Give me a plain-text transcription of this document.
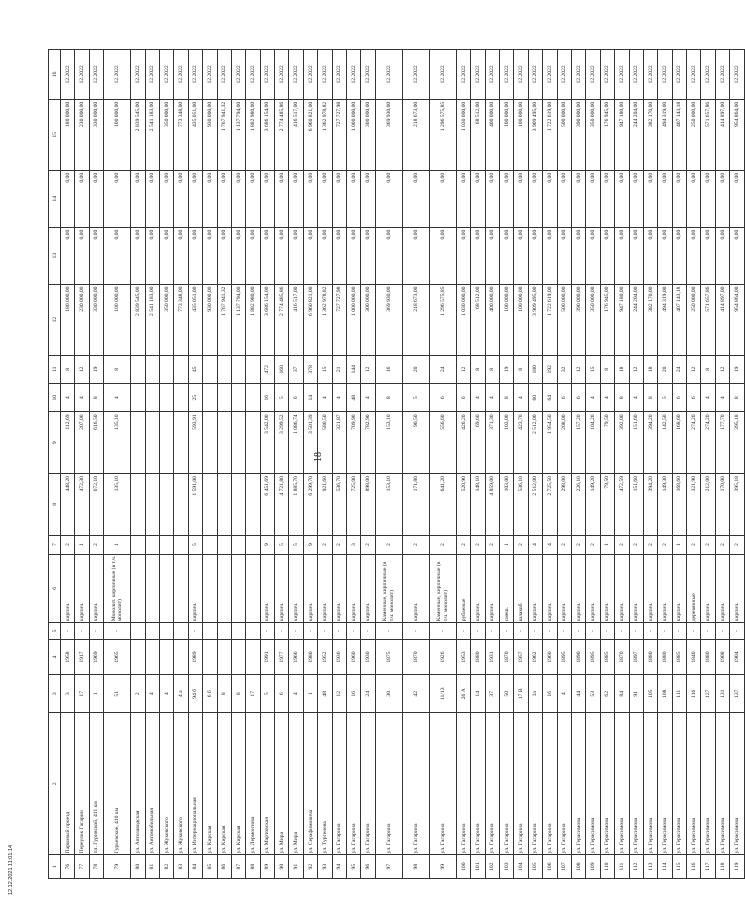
18
12.12.2021 11:01:14	1	2	3	4	5	6	7	8	9	10	11	12	13	14	15	16
76	Парковый проезд	3	1958	-	кирпич.	2	448,20	112,69	4	8	180 000,00	0,00	0,00	180 000,00	12.2022
77	Переулок Гагарин	17	1917	-	кирпич.	1	472,30	207,00	4	12	230 000,00	0,00	0,00	230 000,00	12.2022
78	пл. Гуривской, 411 км	1	1969	-	кирпич.	2	672,10	616,50	8	19	330 000,00	0,00	0,00	330 000,00	12.2022
79	Гурьевское, 410 км	51	1965	-	Монолит. кирпичные (в т.ч. монолит)	1	135,10	135,10	4	8	100 000,00	0,00	0,00	100 000,00	12.2022
80	ул. Автозаводская	2									2 839 545,00	0,00	0,00	2 839 545,00	12.2022
81	ул. Автомобильная	4									2 541 183,00	0,00	0,00	2 541 183,00	12.2022
82	ул. Жуковского	4									350 000,00	0,00	0,00	350 000,00	12.2022
83	ул. Жуковского	4 а									773 348,00	0,00	0,00	773 348,00	12.2022
84	ул. Интернациональная	94 б	1989	-	кирпич.	5	1 591,00	593,91	25	45	435 051,00	0,00	0,00	435 051,00	12.2022
85	ул. Кирская	6 б									930 000,00	0,00	0,00	930 000,00	12.2022
86	ул. Кирская	8									1 767 941,32	0,00	0,00	1 767 941,32	12.2022
87	ул. Кирская	8									1 137 794,00	0,00	0,00	1 137 794,00	12.2022
88	ул. Лермонтова	17									1 882 980,00	0,00	0,00	1 882 980,00	12.2022
89	ул. Мартовская	5	1991	-	кирпич.	9	6 451,69	3 542,00	16	472	3 686 154,00	0,00	0,00	3 686 154,00	12.2022
90	ул. Мира	6	1977	-	кирпич.	5	4 721,80	3 299,52	5	160	2 774 485,86	0,00	0,00	2 774 485,86	12.2022
91	ул. Мира	4	1966	-	кирпич.	5	1 885,70	1 086,74	6	37	416 517,00	0,00	0,00	416 517,00	12.2022
92	ул. Серафимовича	1	1980	-	кирпич.	9	6 299,70	3 501,39	14	378	6 960 821,00	0,00	0,00	6 960 821,00	12.2022
93	ул. Тургенева	48	1952	-	кирпич.	2	921,60	580,50	4	15	1 362 978,82	0,00	0,00	1 362 978,82	12.2022
94	ул. Гагарина	12	1936	-	кирпич.	2	536,70	321,87	4	21	727 727,98	0,00	0,00	727 727,98	12.2022
95	ул. Гагарина	16	1960	-	кирпич.	3	725,00	709,90	48	144	1 000 000,00	0,00	0,00	1 000 000,00	12.2022
96	ул. Гагарина	24	1930	-	кирпич.	2	898,00	782,90	4	12	300 000,00	0,00	0,00	300 000,00	12.2022
97	ул. Гагарина	30	1875	-	Каменные, кирпичные (в т.ч. монолит)	2	153,10	153,10	8	16	369 930,00	0,00	0,00	369 930,00	12.2022
98	ул. Гагарина	42	1870	-	кирпич.	2	171,80	90,50	5	20	218 673,00	0,00	0,00	218 673,00	12.2022
99	ул. Гагарина	11/13	1926	-	Каменные, кирпичные (в т.ч. монолит)	2	641,20	556,60	6	24	1 296 575,85	0,00	0,00	1 296 575,85	12.2022
100	ул. Гагарина	26 А	1953	-	рубленые	2	520,90	426,20	6	12	1 030 000,00	0,00	0,00	1 030 000,00	12.2022
101	ул. Гагарина	14	1880	-	кирпич.	2	148,10	69,60	4	8	68 512,00	0,00	0,00	68 512,00	12.2022
102	ул. Гагарина	37	1931	-	кирпич.	2	4 859,00	371,30	4	8	400 000,00	0,00	0,00	400 000,00	12.2022
103	ул. Гагарина	50	1870	-	смеш.	1	103,00	103,00	8	19	100 000,00	0,00	0,00	100 000,00	12.2022
104	ул. Гагарина	17 В	1957	-	шлакоб.	2	536,10	423,70	4	8	100 000,00	0,00	0,00	100 000,00	12.2022
105	ул. Гагарина	1а	1962	-	кирпич.	4	2 512,00	2 512,00	60	180	3 909 495,00	0,00	0,00	3 909 495,00	12.2022
106	ул. Гагарина	16	1960	-	кирпич.	4	2 725,50	1 954,50	64	192	1 722 619,00	0,00	0,00	1 722 619,00	12.2022
107	ул. Гагарина	4	1895	-	кирпич.	2	298,00	208,00	6	32	500 000,00	0,00	0,00	500 000,00	12.2022
108	ул. Герасимова	44	1890	-	кирпич.	2	226,10	157,20	6	12	390 000,00	0,00	0,00	390 000,00	12.2022
109	ул. Герасимова	53	1895	-	кирпич.	2	149,20	104,20	4	15	350 000,00	0,00	0,00	350 000,00	12.2022
110	ул. Герасимова	62	1885	-	кирпич.	1	79,50	79,50	4	8	176 945,00	0,00	0,00	176 945,00	12.2022
111	ул. Герасимова	84	1870	-	кирпич.	2	472,59	392,00	8	18	947 180,00	0,00	0,00	947 180,00	12.2022
112	ул. Герасимова	91	1897	-	кирпич.	2	151,60	151,60	4	12	244 204,00	0,00	0,00	244 204,00	12.2022
113	ул. Герасимова	105	1880	-	кирпич.	2	394,20	394,20	8	18	382 170,00	0,00	0,00	382 170,00	12.2022
114	ул. Герасимова	108	1880	-	кирпич.	2	149,30	142,50	5	20	494 319,00	0,00	0,00	494 319,00	12.2022
115	ул. Герасимова	111	1885	-	кирпич.	1	168,60	168,60	6	24	407 143,18	0,00	0,00	407 143,18	12.2022
116	ул. Герасимова	116	1840	-	деревянные	2	321,90	274,20	6	12	250 000,00	0,00	0,00	250 000,00	12.2022
117	ул. Герасимова	127	1880	-	кирпич.	2	212,00	274,20	4	8	571 657,86	0,00	0,00	571 657,86	12.2022
118	ул. Герасимова	131	1908	-	кирпич.	2	170,00	177,70	4	12	414 897,00	0,00	0,00	414 897,00	12.2022
119	ул. Герасимова	137	1904	-	кирпич.	2	395,18	395,18	8	19	954 864,00	0,00	0,00	954 864,00	12.2022
